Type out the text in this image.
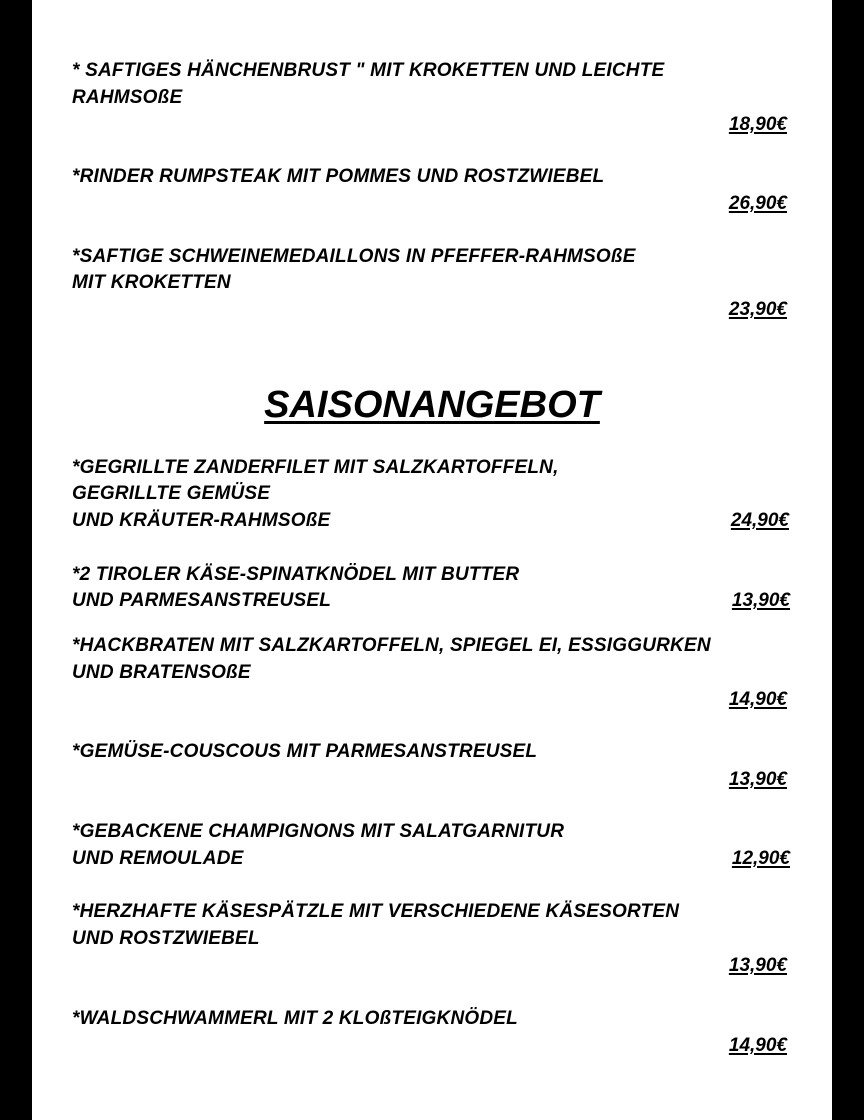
* SAFTIGES HÄNCHENBRUST " MIT KROKETTEN UND LEICHTE
RAHMSOßE
18,90€
*RINDER RUMPSTEAK MIT POMMES UND ROSTZWIEBEL
26,90€
*SAFTIGE SCHWEINEMEDAILLONS IN PFEFFER-RAHMSOßE
MIT KROKETTEN
23,90€
SAISONANGEBOT
*GEGRILLTE ZANDERFILET MIT SALZKARTOFFELN,
GEGRILLTE GEMÜSE
UND KRÄUTER-RAHMSOßE	24,90€
*2 TIROLER KÄSE-SPINATKNÖDEL MIT BUTTER
UND PARMESANSTREUSEL	13,90€
*HACKBRATEN MIT SALZKARTOFFELN, SPIEGEL EI, ESSIGGURKEN
UND BRATENSOßE
14,90€
*GEMÜSE-COUSCOUS MIT PARMESANSTREUSEL
13,90€
*GEBACKENE CHAMPIGNONS MIT SALATGARNITUR
UND REMOULADE	12,90€
*HERZHAFTE KÄSESPÄTZLE MIT VERSCHIEDENE KÄSESORTEN
UND ROSTZWIEBEL
13,90€
*WALDSCHWAMMERL MIT 2 KLOßTEIGKNÖDEL
14,90€
